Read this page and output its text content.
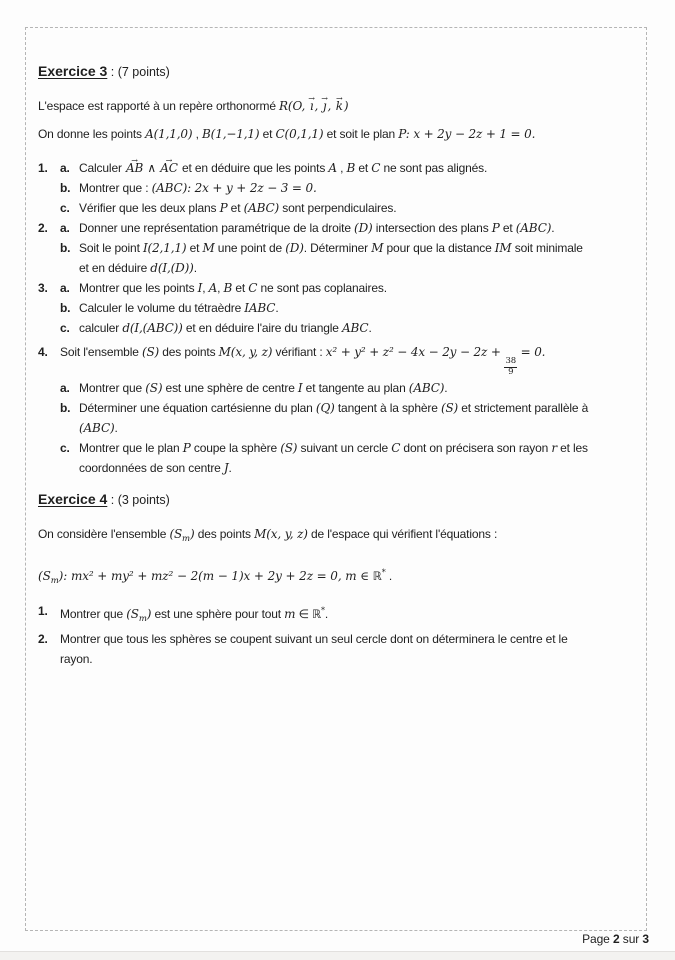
Exercice 3 : (7 points)

L'espace est rapporté à un repère orthonormé R(O, ı →, ȷ →, k →)

On donne les points A(1,1,0) , B(1,−1,1) et C(0,1,1) et soit le plan P: x + 2y − 2z + 1 = 0.

1.	a. Calculer AB → ∧ AC → et en déduire que les points A , B et C ne sont pas alignés.
b. Montrer que : (ABC): 2x + y + 2z − 3 = 0.
c. Vérifier que les deux plans P et (ABC) sont perpendiculaires.
2.	a. Donner une représentation paramétrique de la droite (D) intersection des plans P et (ABC).
b. Soit le point I(2,1,1) et M une point de (D). Déterminer M pour que la distance IM soit minimale
et en déduire d(I,(D)).
3.	a. Montrer que les points I, A, B et C ne sont pas coplanaires.
b. Calculer le volume du tétraèdre IABC.
c. calculer d(I,(ABC)) et en déduire l'aire du triangle ABC.
4.	Soit l'ensemble (S) des points M(x, y, z) vérifiant : x² + y² + z² − 4x − 2y − 2z +
$\frac{38}{9}$
= 0.
a. Montrer que (S) est une sphère de centre I et tangente au plan (ABC).
b. Déterminer une équation cartésienne du plan (Q) tangent à la sphère (S) et strictement parallèle à
(ABC).
c. Montrer que le plan P coupe la sphère (S) suivant un cercle C dont on précisera son rayon r et les
coordonnées de son centre J.
Exercice 4 : (3 points)

On considère l'ensemble $(S_m)$ des points M(x, y, z) de l'espace qui vérifient l'équations :

$(S_m)$: mx² + my² + mz² − 2(m − 1)x + 2y + 2z = 0, m ∈ ℝ* .

1.	Montrer que $(S_m)$ est une sphère pour tout m ∈ ℝ*.
2.	Montrer que tous les sphères se coupent suivant un seul cercle dont on déterminera le centre et le
rayon.
Page 2 sur 3
